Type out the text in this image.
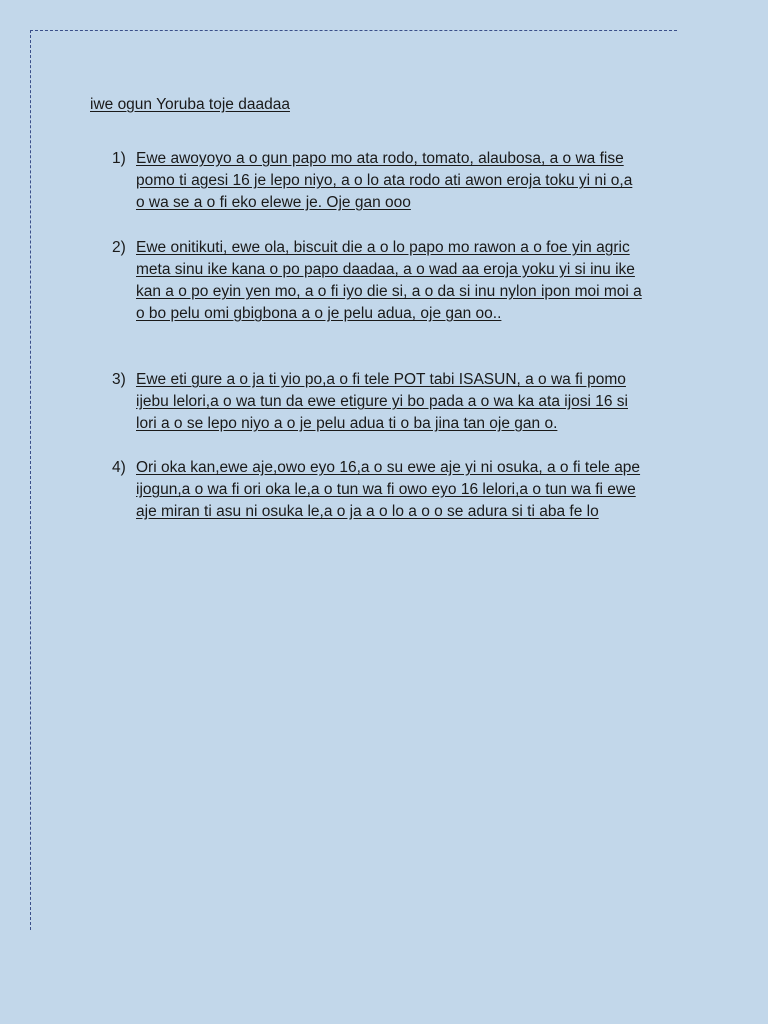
iwe ogun Yoruba toje daadaa
1) Ewe awoyoyo a o gun papo mo ata rodo, tomato, alaubosa, a o wa fise
pomo ti agesi 16 je lepo niyo, a o lo ata rodo ati awon eroja toku yi ni o,a
o wa se a o fi eko elewe je. Oje gan ooo
2) Ewe onitikuti, ewe ola, biscuit die a o lo papo mo rawon a o foe yin agric
meta sinu ike kana o po papo daadaa, a o wad aa eroja yoku yi si inu ike
kan a o po eyin yen mo, a o fi iyo die si, a o da si inu nylon ipon moi moi a
o bo pelu omi gbigbona a o je pelu adua, oje gan oo..
3) Ewe eti gure a o ja ti yio po,a o fi tele POT tabi ISASUN, a o wa fi pomo
ijebu lelori,a o wa tun da ewe etigure yi bo pada a o wa ka ata ijosi 16 si
lori a o se lepo niyo a o je pelu adua ti o ba jina tan oje gan o.
4) Ori oka kan,ewe aje,owo eyo 16,a o su ewe aje yi ni osuka, a o fi tele ape
ijogun,a o wa fi ori oka le,a o tun wa fi owo eyo 16 lelori,a o tun wa fi ewe
aje miran ti asu ni osuka le,a o ja a o lo a o o se adura si ti aba fe lo
